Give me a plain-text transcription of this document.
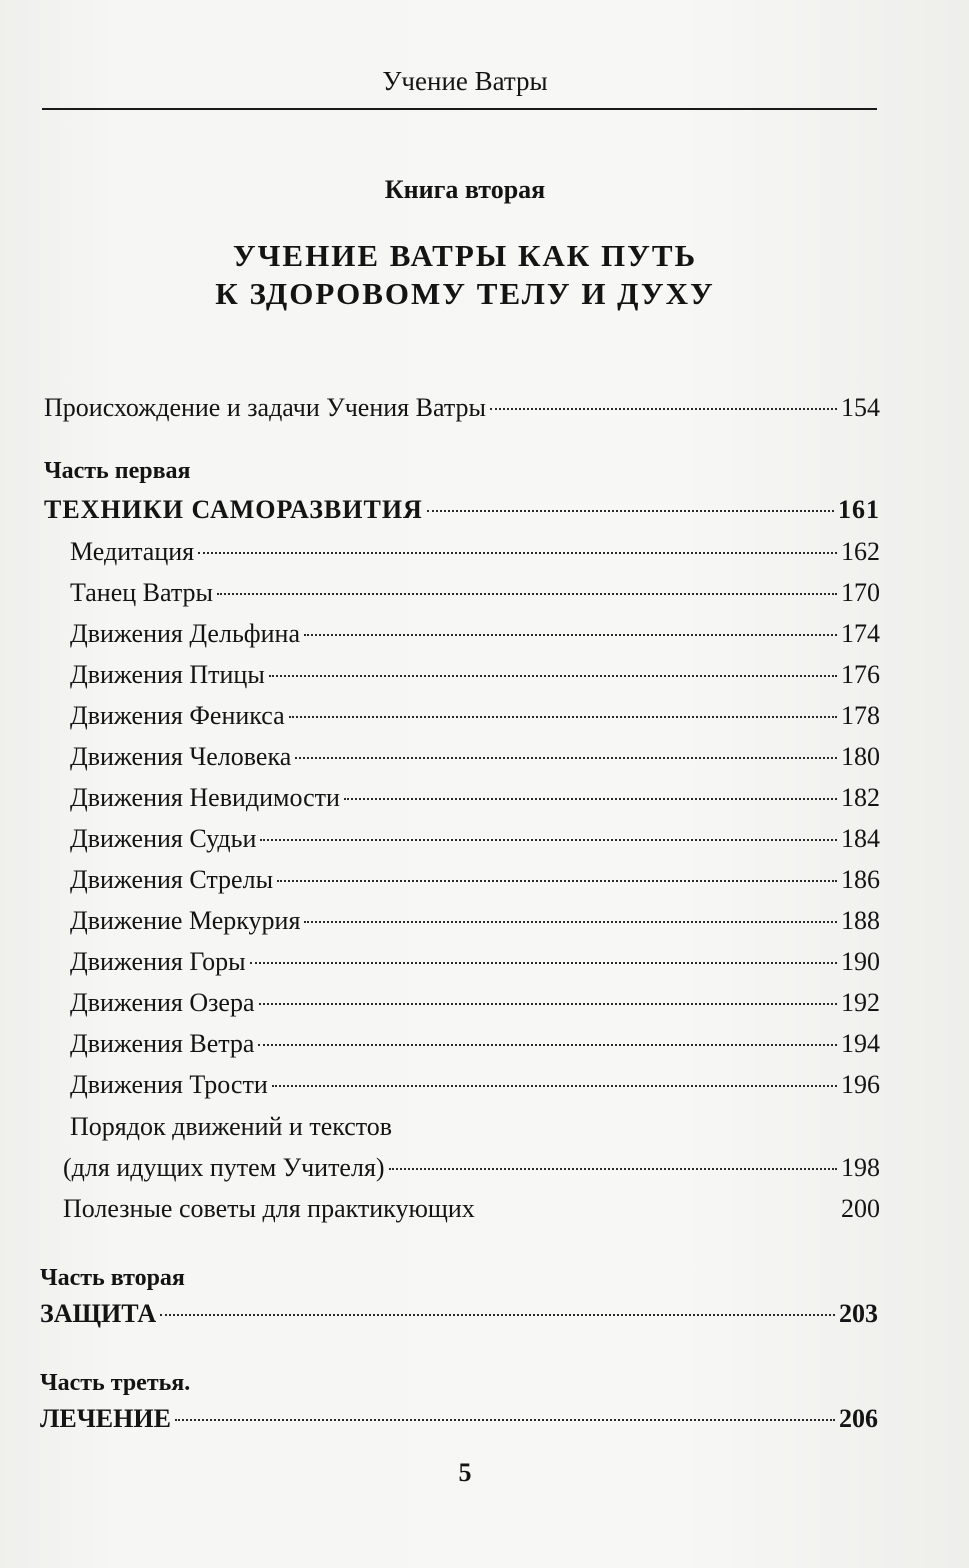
Учение Ватры
Книга вторая
УЧЕНИЕ ВАТРЫ КАК ПУТЬ
К ЗДОРОВОМУ ТЕЛУ И ДУХУ
Происхождение и задачи Учения Ватры	154
Часть первая
ТЕХНИКИ САМОРАЗВИТИЯ	161
Медитация	162
Танец Ватры	170
Движения Дельфина	174
Движения Птицы	176
Движения Феникса	178
Движения Человека	180
Движения Невидимости	182
Движения Судьи	184
Движения Стрелы	186
Движение Меркурия	188
Движения Горы	190
Движения Озера	192
Движения Ветра	194
Движения Трости	196
Порядок движений и текстов
(для идущих путем Учителя)	198
Полезные советы для практикующих	200
Часть вторая
ЗАЩИТА	203
Часть третья.
ЛЕЧЕНИЕ	206
5
